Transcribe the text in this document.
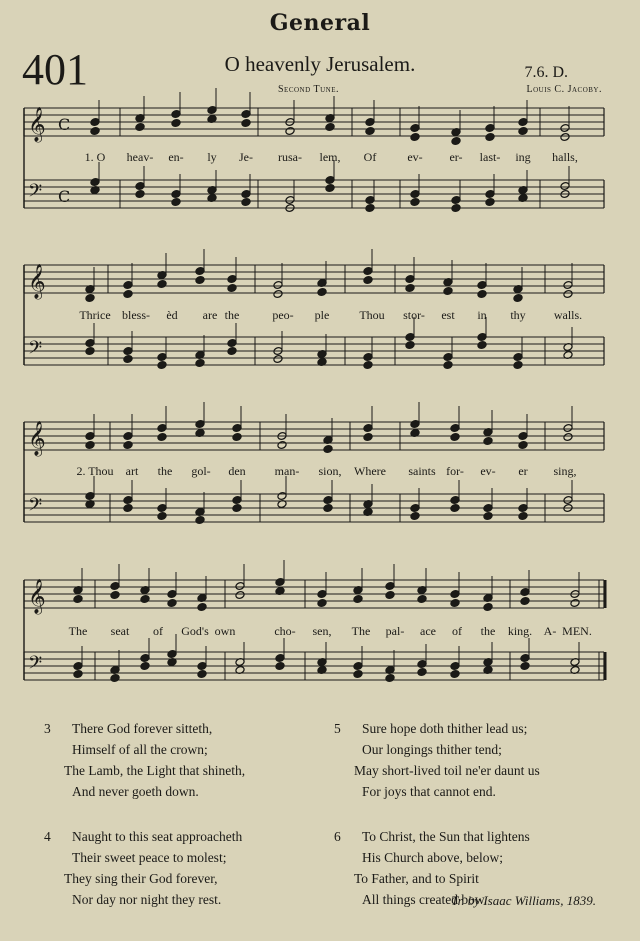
General
401	O heavenly Jerusalem.	7.6. D.
Second Tune.	Louis C. Jacoby.
𝄞 C
𝄢 C
𝄞
𝄢
𝄞
𝄢
𝄞
𝄢
1. O heav- en- ly Je- rusa- lem, Of	ev- er- last- ing halls,
Thrice bless- èd are the	peo- ple Thou stor- est in thy walls.
2. Thou art the gol- den man- sion, Where saints for- ev- er sing,
The seat of God's own	cho- sen, The pal- ace of the king. A- MEN.
3 There God forever sitteth,
Himself of all the crown;
The Lamb, the Light that shineth,
And never goeth down.
4 Naught to this seat approacheth
Their sweet peace to molest;
They sing their God forever,
Nor day nor night they rest.
5 Sure hope doth thither lead us;
Our longings thither tend;
May short-lived toil ne'er daunt us
For joys that cannot end.
6 To Christ, the Sun that lightens
His Church above, below;
To Father, and to Spirit
All things created bow.
Tr. by Isaac Williams, 1839.
